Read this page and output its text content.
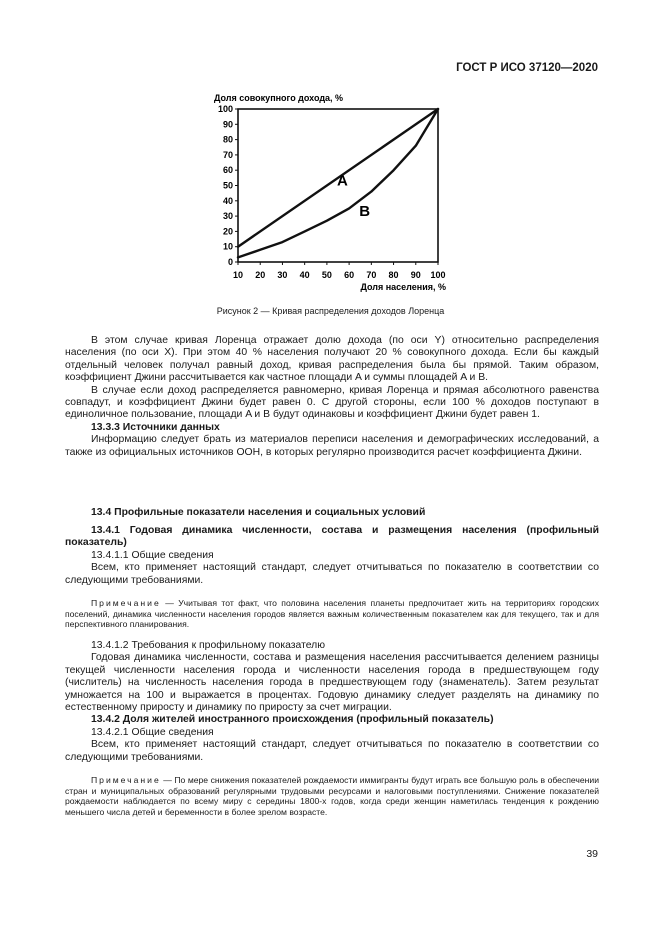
ГОСТ Р ИСО 37120—2020
10 20 30 40 50 60 70 80 90 100
0
10
20
30
40
50
60
70
80
90
100
A
B
Доля совокупного дохода, %
Доля населения, %
Рисунок 2 — Кривая распределения доходов Лоренца

В этом случае кривая Лоренца отражает долю дохода (по оси Y) относительно распределения населения (по оси X). При этом 40 % населения получают 20 % совокупного дохода. Если бы каждый отдельный человек получал равный доход, кривая распределения была бы прямой. Таким образом, коэффициент Джини рассчитывается как частное площади A и суммы площадей A и B.

В случае если доход распределяется равномерно, кривая Лоренца и прямая абсолютного равенства совпадут, и коэффициент Джини будет равен 0. С другой стороны, если 100 % доходов поступают в единоличное пользование, площади A и B будут одинаковы и коэффициент Джини будет равен 1.

13.3.3 Источники данных

Информацию следует брать из материалов переписи населения и демографических исследований, а также из официальных источников ООН, в которых регулярно производится расчет коэффициента Джини.

13.4 Профильные показатели населения и социальных условий

13.4.1 Годовая динамика численности, состава и размещения населения (профильный показатель)

13.4.1.1 Общие сведения

Всем, кто применяет настоящий стандарт, следует отчитываться по показателю в соответствии со следующими требованиями.

Примечание — Учитывая тот факт, что половина населения планеты предпочитает жить на территориях городских поселений, динамика численности населения городов является важным количественным показателем как для текущего, так и для перспективного планирования.

13.4.1.2 Требования к профильному показателю

Годовая динамика численности, состава и размещения населения рассчитывается делением разницы текущей численности населения города и численности населения города в предшествующем году (числитель) на численность населения города в предшествующем году (знаменатель). Затем результат умножается на 100 и выражается в процентах. Годовую динамику следует разделять на динамику по естественному приросту и динамику по приросту за счет миграции.

13.4.2 Доля жителей иностранного происхождения (профильный показатель)

13.4.2.1 Общие сведения

Всем, кто применяет настоящий стандарт, следует отчитываться по показателю в соответствии со следующими требованиями.

Примечание — По мере снижения показателей рождаемости иммигранты будут играть все большую роль в обеспечении стран и муниципальных образований регулярными трудовыми ресурсами и налоговыми поступлениями. Снижение показателей рождаемости наблюдается по всему миру с середины 1800-х годов, когда среди женщин наметилась тенденция к рождению меньшего числа детей и беременности в более зрелом возрасте.

39
